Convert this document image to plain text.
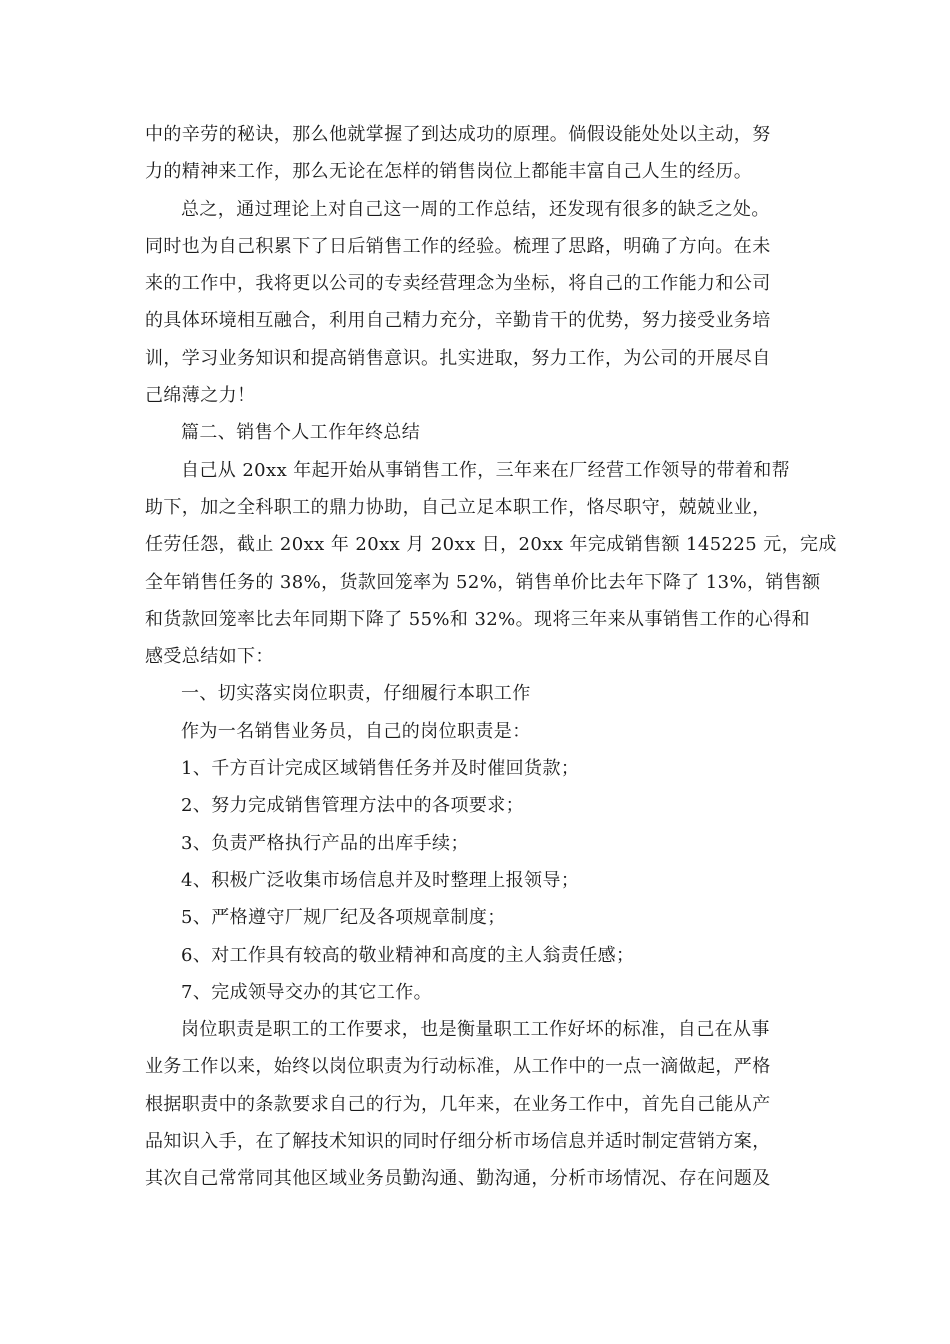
中的辛劳的秘诀，那么他就掌握了到达成功的原理。倘假设能处处以主动，努
力的精神来工作，那么无论在怎样的销售岗位上都能丰富自己人生的经历。
总之，通过理论上对自己这一周的工作总结，还发现有很多的缺乏之处。
同时也为自己积累下了日后销售工作的经验。梳理了思路，明确了方向。在未
来的工作中，我将更以公司的专卖经营理念为坐标，将自己的工作能力和公司
的具体环境相互融合，利用自己精力充分，辛勤肯干的优势，努力接受业务培
训，学习业务知识和提高销售意识。扎实进取，努力工作，为公司的开展尽自
己绵薄之力！
篇二、销售个人工作年终总结
自己从 20xx 年起开始从事销售工作，三年来在厂经营工作领导的带着和帮
助下，加之全科职工的鼎力协助，自己立足本职工作，恪尽职守，兢兢业业，
任劳任怨，截止 20xx 年 20xx 月 20xx 日，20xx 年完成销售额 145225 元，完成
全年销售任务的 38%，货款回笼率为 52%，销售单价比去年下降了 13%，销售额
和货款回笼率比去年同期下降了 55%和 32%。现将三年来从事销售工作的心得和
感受总结如下：
一、切实落实岗位职责，仔细履行本职工作
作为一名销售业务员，自己的岗位职责是：
1、千方百计完成区域销售任务并及时催回货款；
2、努力完成销售管理方法中的各项要求；
3、负责严格执行产品的出库手续；
4、积极广泛收集市场信息并及时整理上报领导；
5、严格遵守厂规厂纪及各项规章制度；
6、对工作具有较高的敬业精神和高度的主人翁责任感；
7、完成领导交办的其它工作。
岗位职责是职工的工作要求，也是衡量职工工作好坏的标准，自己在从事
业务工作以来，始终以岗位职责为行动标准，从工作中的一点一滴做起，严格
根据职责中的条款要求自己的行为，几年来，在业务工作中，首先自己能从产
品知识入手，在了解技术知识的同时仔细分析市场信息并适时制定营销方案，
其次自己常常同其他区域业务员勤沟通、勤沟通，分析市场情况、存在问题及
